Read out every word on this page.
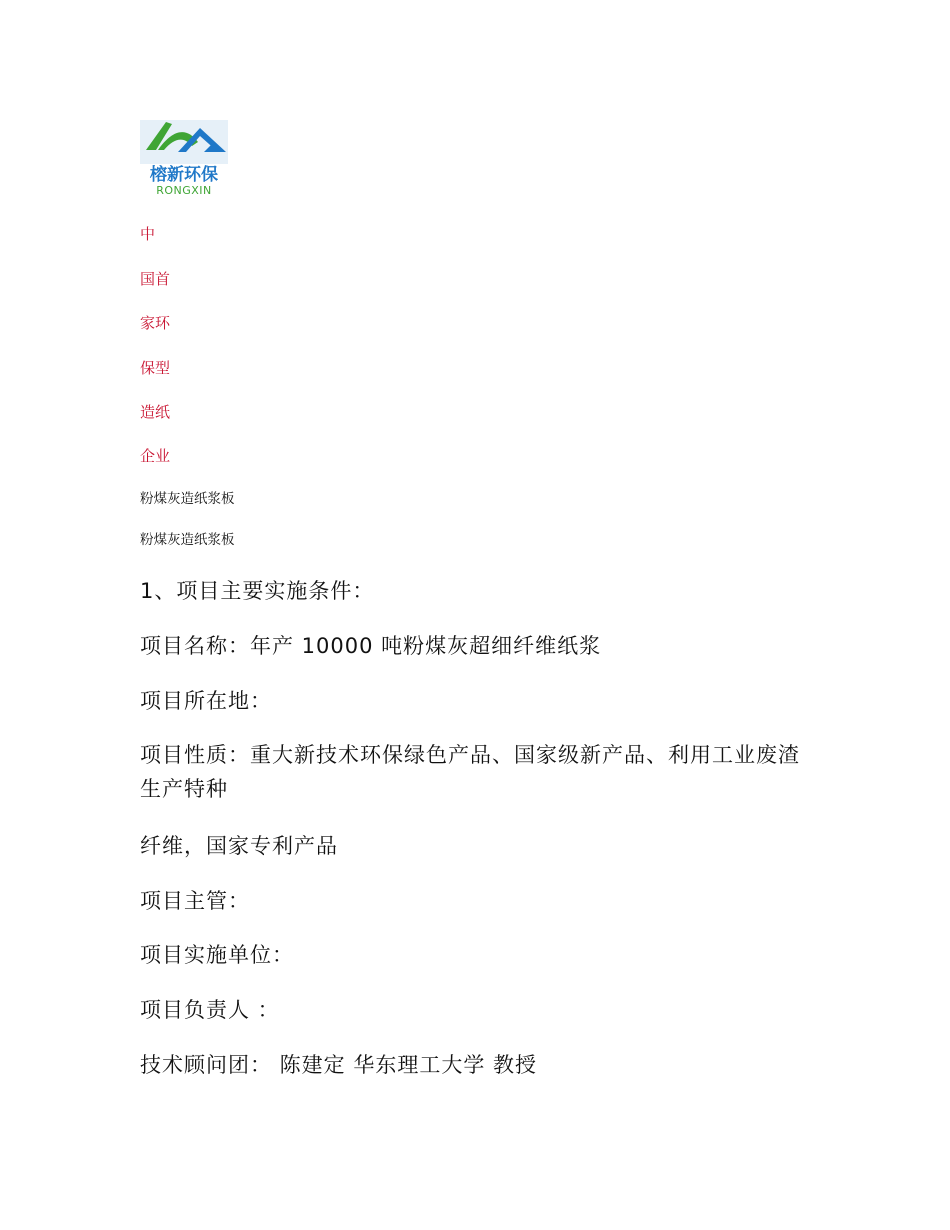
榕新环保
RONGXIN
中
国首
家环
保型
造纸
企业
粉煤灰造纸浆板
粉煤灰造纸浆板
1、项目主要实施条件：
项目名称：年产 10000 吨粉煤灰超细纤维纸浆
项目所在地：
项目性质：重大新技术环保绿色产品、国家级新产品、利用工业废渣生产特种
纤维，国家专利产品
项目主管：
项目实施单位：
项目负责人 ：
技术顾问团： 陈建定 华东理工大学 教授
